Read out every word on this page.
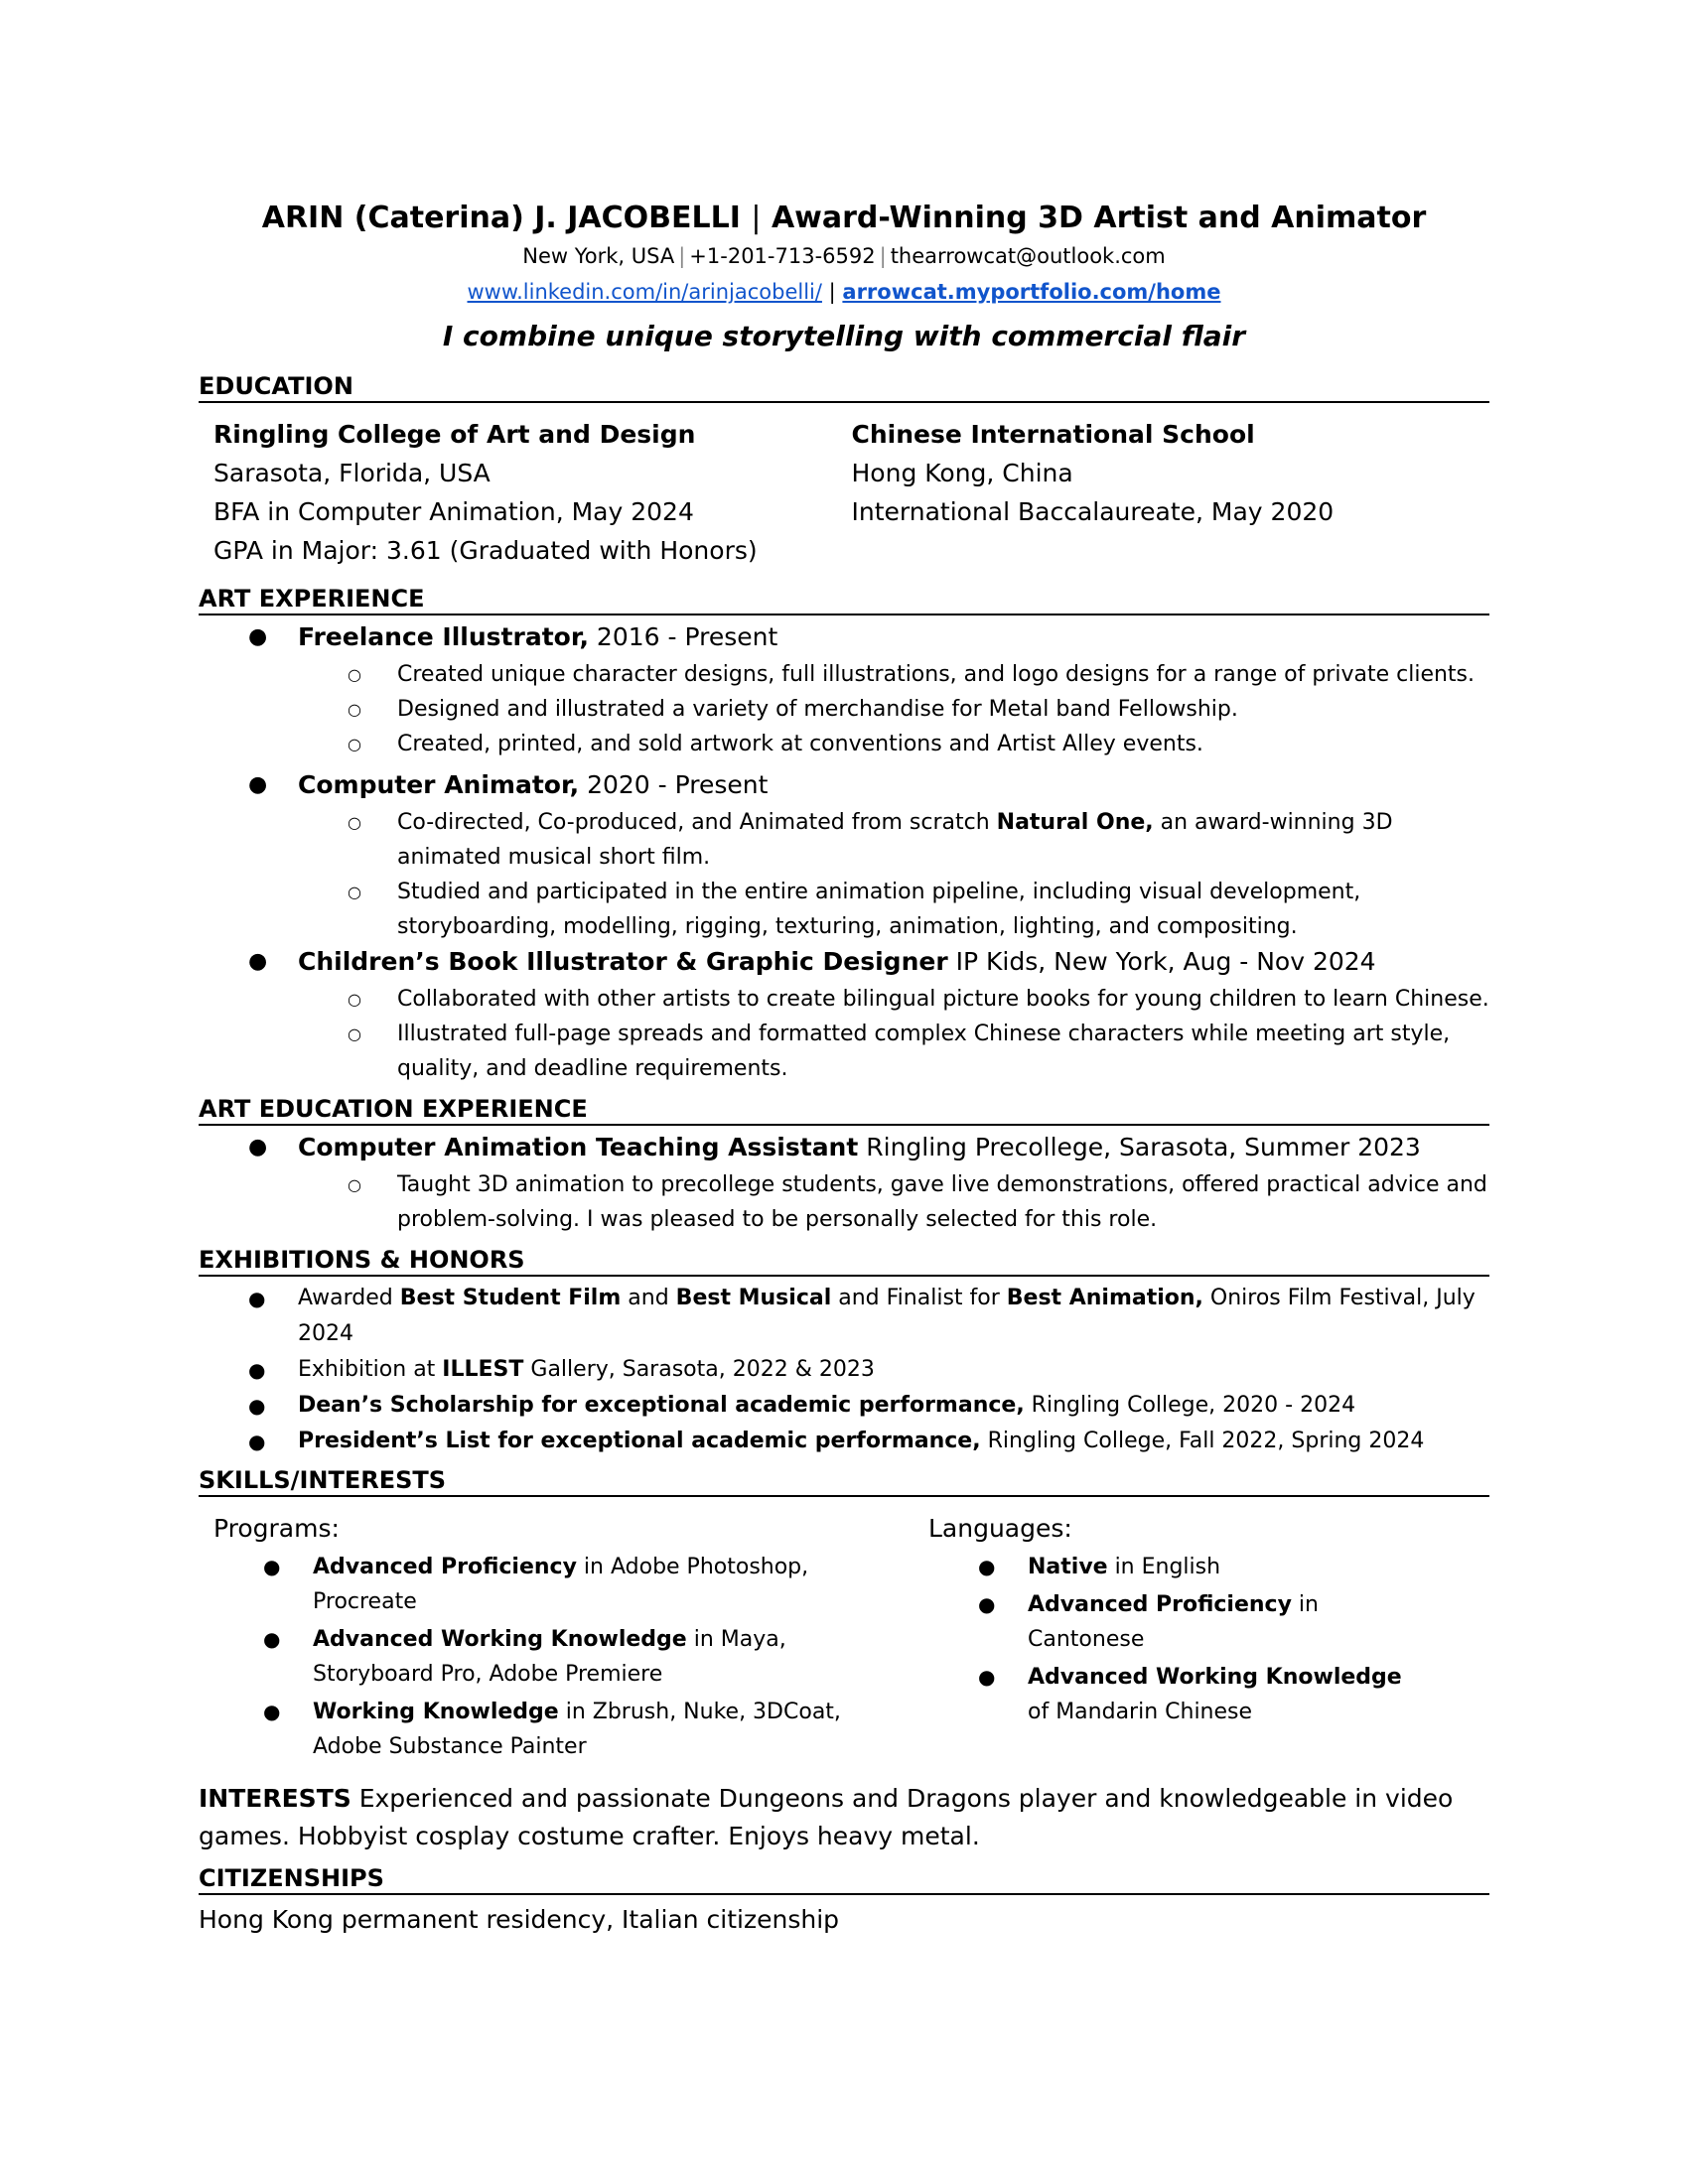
ARIN (Caterina) J. JACOBELLI | Award-Winning 3D Artist and Animator
New York, USA | +1-201-713-6592 | thearrowcat@outlook.com
www.linkedin.com/in/arinjacobelli/ | arrowcat.myportfolio.com/home
I combine unique storytelling with commercial flair
EDUCATION
Ringling College of Art and Design
Sarasota, Florida, USA
BFA in Computer Animation, May 2024
GPA in Major: 3.61 (Graduated with Honors)
Chinese International School
Hong Kong, China
International Baccalaureate, May 2020
ART EXPERIENCE
● Freelance Illustrator, 2016 - Present
○ Created unique character designs, full illustrations, and logo designs for a range of private clients.
○ Designed and illustrated a variety of merchandise for Metal band Fellowship.
○ Created, printed, and sold artwork at conventions and Artist Alley events.
● Computer Animator, 2020 - Present
○ Co-directed, Co-produced, and Animated from scratch Natural One, an award-winning 3D animated musical short film.
○ Studied and participated in the entire animation pipeline, including visual development, storyboarding, modelling, rigging, texturing, animation, lighting, and compositing.
● Children’s Book Illustrator & Graphic Designer IP Kids, New York, Aug - Nov 2024
○ Collaborated with other artists to create bilingual picture books for young children to learn Chinese.
○ Illustrated full-page spreads and formatted complex Chinese characters while meeting art style, quality, and deadline requirements.
ART EDUCATION EXPERIENCE
● Computer Animation Teaching Assistant Ringling Precollege, Sarasota, Summer 2023
○ Taught 3D animation to precollege students, gave live demonstrations, offered practical advice and problem-solving. I was pleased to be personally selected for this role.
EXHIBITIONS & HONORS
● Awarded Best Student Film and Best Musical and Finalist for Best Animation, Oniros Film Festival, July 2024
● Exhibition at ILLEST Gallery, Sarasota, 2022 & 2023
● Dean’s Scholarship for exceptional academic performance, Ringling College, 2020 - 2024
● President’s List for exceptional academic performance, Ringling College, Fall 2022, Spring 2024
SKILLS/INTERESTS
Programs:
● Advanced Proficiency in Adobe Photoshop, Procreate
● Advanced Working Knowledge in Maya, Storyboard Pro, Adobe Premiere
● Working Knowledge in Zbrush, Nuke, 3DCoat, Adobe Substance Painter
Languages:
● Native in English
● Advanced Proficiency in Cantonese
● Advanced Working Knowledge of Mandarin Chinese
INTERESTS Experienced and passionate Dungeons and Dragons player and knowledgeable in video games. Hobbyist cosplay costume crafter. Enjoys heavy metal.
CITIZENSHIPS
Hong Kong permanent residency, Italian citizenship
